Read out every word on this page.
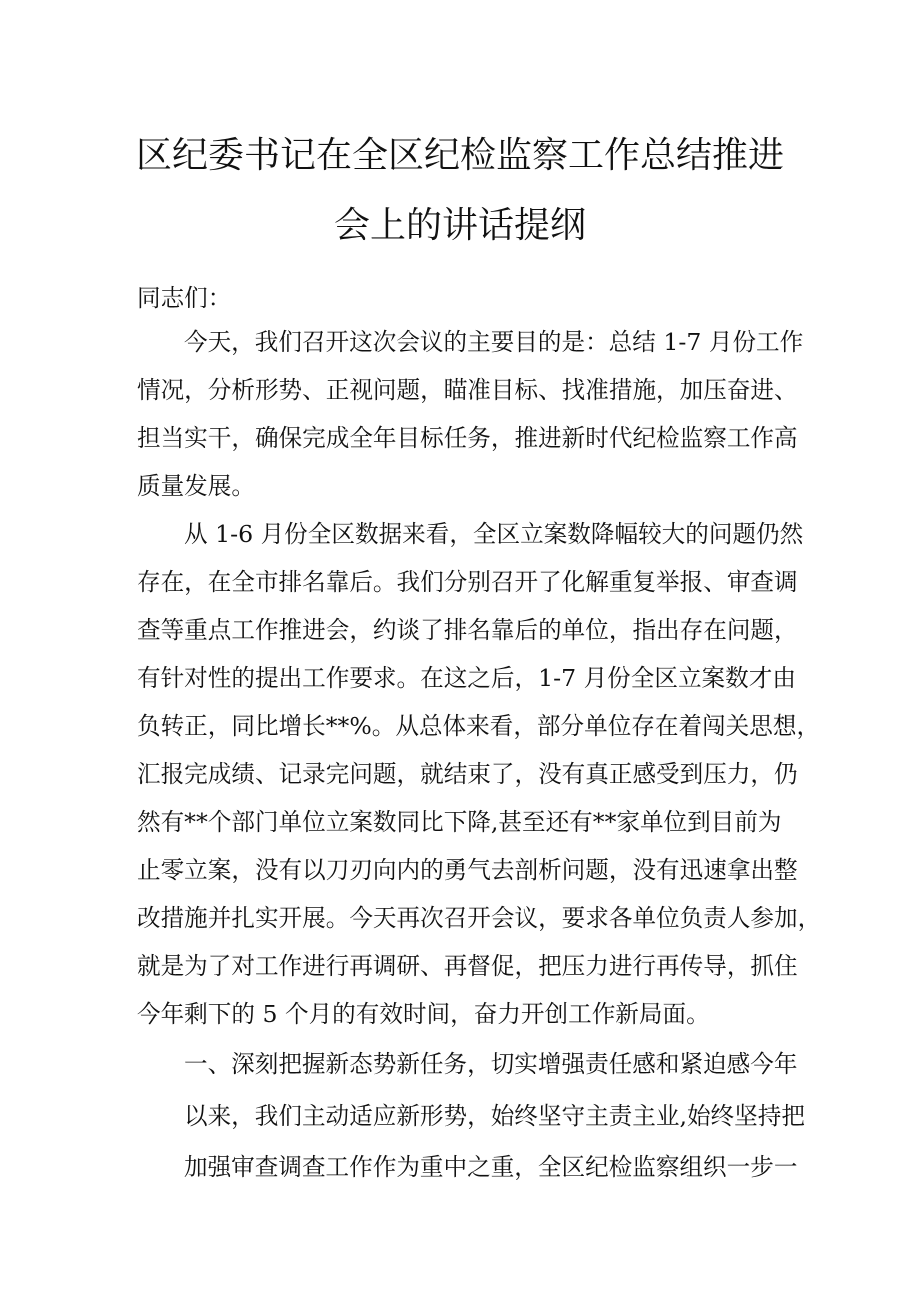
区纪委书记在全区纪检监察工作总结推进
会上的讲话提纲

同志们：

今天，我们召开这次会议的主要目的是：总结 1-7 月份工作

情况，分析形势、正视问题，瞄准目标、找准措施，加压奋进、

担当实干，确保完成全年目标任务，推进新时代纪检监察工作高

质量发展。

从 1-6 月份全区数据来看，全区立案数降幅较大的问题仍然

存在，在全市排名靠后。我们分别召开了化解重复举报、审查调

查等重点工作推进会，约谈了排名靠后的单位，指出存在问题，

有针对性的提出工作要求。在这之后，1-7 月份全区立案数才由

负转正，同比增长**%。从总体来看，部分单位存在着闯关思想，

汇报完成绩、记录完问题，就结束了，没有真正感受到压力，仍

然有**个部门单位立案数同比下降,甚至还有**家单位到目前为

止零立案，没有以刀刃向内的勇气去剖析问题，没有迅速拿出整

改措施并扎实开展。今天再次召开会议，要求各单位负责人参加，

就是为了对工作进行再调研、再督促，把压力进行再传导，抓住

今年剩下的 5 个月的有效时间，奋力开创工作新局面。

一、深刻把握新态势新任务，切实增强责任感和紧迫感今年

以来，我们主动适应新形势，始终坚守主责主业,始终坚持把

加强审查调查工作作为重中之重，全区纪检监察组织一步一
